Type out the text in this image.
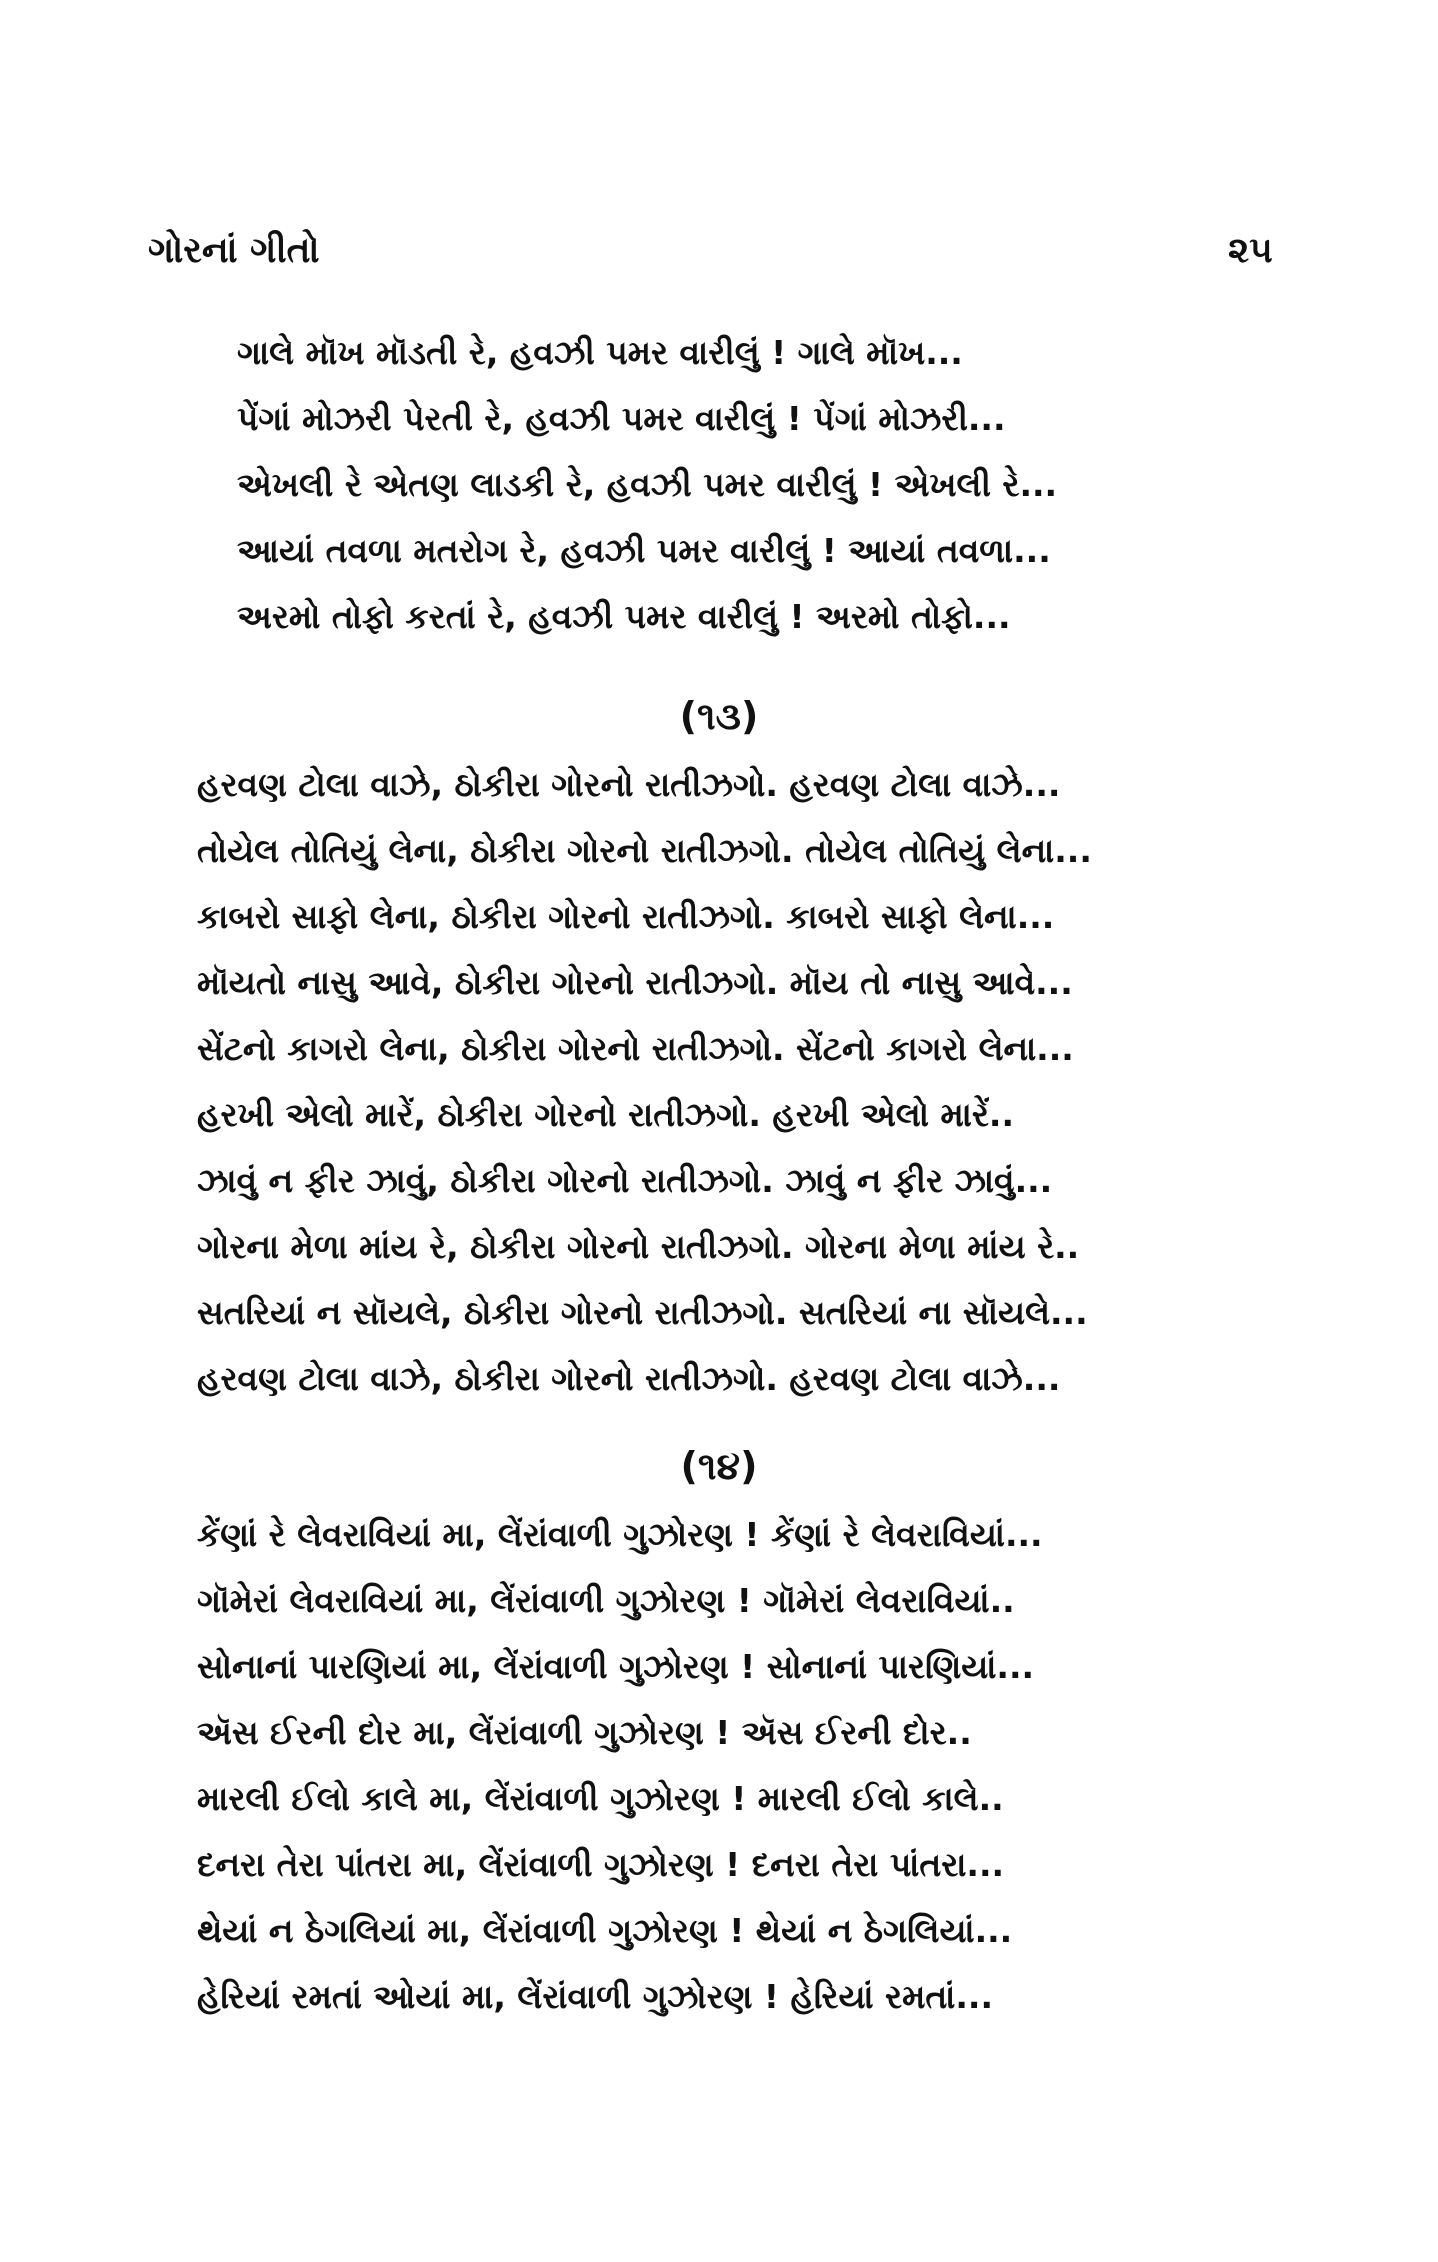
ગોરનાં ગીતો	૨૫
ગાલે મૉખ મૉડતી રે, હવઝી પમર વારીલું ! ગાલે મૉખ...
પેંગાં મોઝરી પેરતી રે, હવઝી પમર વારીલું ! પેંગાં મોઝરી...
એખલી રે એતણ લાડકી રે, હવઝી પમર વારીલું ! એખલી રે...
આયાં તવળા મતરોગ રે, હવઝી પમર વારીલું ! આયાં તવળા...
અરમો તોફો કરતાં રે, હવઝી પમર વારીલું ! અરમો તોફો...
(૧૩)
હરવણ ટોલા વાઝે, ઠોકીરા ગોરનો રાતીઝગો. હરવણ ટોલા વાઝે...
તોયેલ તોતિયું લેના, ઠોકીરા ગોરનો રાતીઝગો. તોયેલ તોતિયું લેના...
કાબરો સાફો લેના, ઠોકીરા ગોરનો રાતીઝગો. કાબરો સાફો લેના...
મૉયતો નાસુ આવે, ઠોકીરા ગોરનો રાતીઝગો. મૉય તો નાસુ આવે...
સેંટનો કાગરો લેના, ઠોકીરા ગોરનો રાતીઝગો. સેંટનો કાગરો લેના...
હરખી એલો મારેં, ઠોકીરા ગોરનો રાતીઝગો. હરખી એલો મારેં..
ઝાવું ન ફીર ઝાવું, ઠોકીરા ગોરનો રાતીઝગો. ઝાવું ન ફીર ઝાવું...
ગોરના મેળા માંય રે, ઠોકીરા ગોરનો રાતીઝગો. ગોરના મેળા માંય રે..
સતરિયાં ન સૉયલે, ઠોકીરા ગોરનો રાતીઝગો. સતરિયાં ના સૉયલે...
હરવણ ટોલા વાઝે, ઠોકીરા ગોરનો રાતીઝગો. હરવણ ટોલા વાઝે...
(૧૪)
કેંણાં રે લેવરાવિયાં મા, લેંરાંવાળી ગુઝોરણ ! કેંણાં રે લેવરાવિયાં...
ગૉમેરાં લેવરાવિયાં મા, લેંરાંવાળી ગુઝોરણ ! ગૉમેરાં લેવરાવિયાં..
સોનાનાં પારણિયાં મા, લેંરાંવાળી ગુઝોરણ ! સોનાનાં પારણિયાં...
ઍસ ઈરની દોર મા, લેંરાંવાળી ગુઝોરણ ! ઍસ ઈરની દોર..
મારલી ઈલો કાલે મા, લેંરાંવાળી ગુઝોરણ ! મારલી ઈલો કાલે..
દનરા તેરા પાંતરા મા, લેંરાંવાળી ગુઝોરણ ! દનરા તેરા પાંતરા...
થેયાં ન ઠેગલિયાં મા, લેંરાંવાળી ગુઝોરણ ! થેયાં ન ઠેગલિયાં...
હેરિયાં રમતાં ઓયાં મા, લેંરાંવાળી ગુઝોરણ ! હેરિયાં રમતાં...
